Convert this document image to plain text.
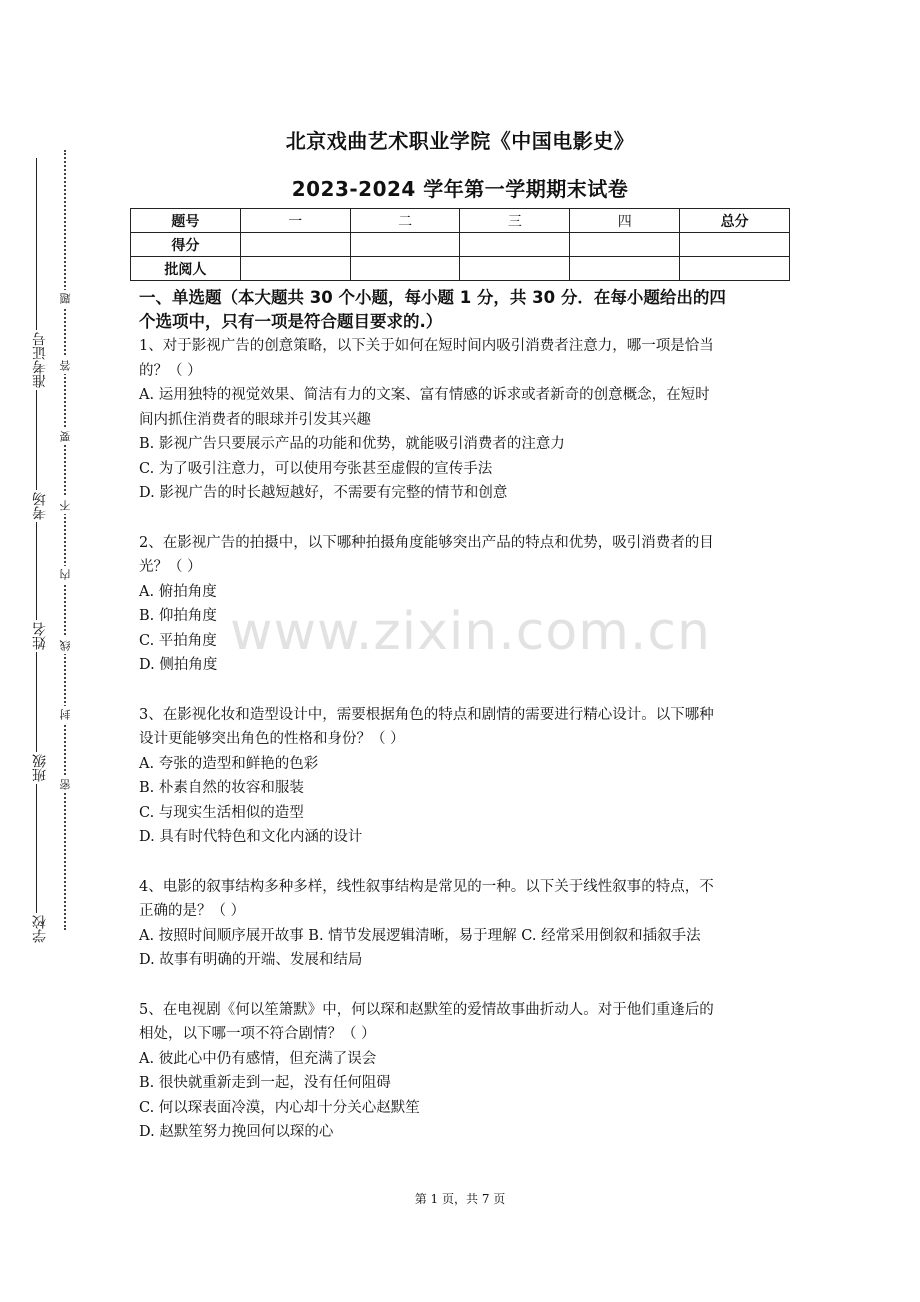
准考证号
考场
姓名
班级
学校
题
答
要
不
内
线
封
密
北京戏曲艺术职业学院《中国电影史》
2023-2024 学年第一学期期末试卷
题号	一	二	三	四	总分
得分					
批阅人					

一、单选题（本大题共 30 个小题，每小题 1 分，共 30 分．在每小题给出的四

个选项中，只有一项是符合题目要求的.）

1、对于影视广告的创意策略，以下关于如何在短时间内吸引消费者注意力，哪一项是恰当

的？（ ）

A. 运用独特的视觉效果、简洁有力的文案、富有情感的诉求或者新奇的创意概念，在短时

间内抓住消费者的眼球并引发其兴趣

B. 影视广告只要展示产品的功能和优势，就能吸引消费者的注意力

C. 为了吸引注意力，可以使用夸张甚至虚假的宣传手法

D. 影视广告的时长越短越好，不需要有完整的情节和创意

2、在影视广告的拍摄中，以下哪种拍摄角度能够突出产品的特点和优势，吸引消费者的目

光？（ ）

A. 俯拍角度

B. 仰拍角度

C. 平拍角度

D. 侧拍角度

3、在影视化妆和造型设计中，需要根据角色的特点和剧情的需要进行精心设计。以下哪种

设计更能够突出角色的性格和身份？（ ）

A. 夸张的造型和鲜艳的色彩

B. 朴素自然的妆容和服装

C. 与现实生活相似的造型

D. 具有时代特色和文化内涵的设计

4、电影的叙事结构多种多样，线性叙事结构是常见的一种。以下关于线性叙事的特点，不

正确的是？（ ）

A. 按照时间顺序展开故事 B. 情节发展逻辑清晰，易于理解 C. 经常采用倒叙和插叙手法

D. 故事有明确的开端、发展和结局

5、在电视剧《何以笙箫默》中，何以琛和赵默笙的爱情故事曲折动人。对于他们重逢后的

相处，以下哪一项不符合剧情？（ ）

A. 彼此心中仍有感情，但充满了误会

B. 很快就重新走到一起，没有任何阻碍

C. 何以琛表面冷漠，内心却十分关心赵默笙

D. 赵默笙努力挽回何以琛的心

www.zixin.com.cn
第 1 页，共 7 页
